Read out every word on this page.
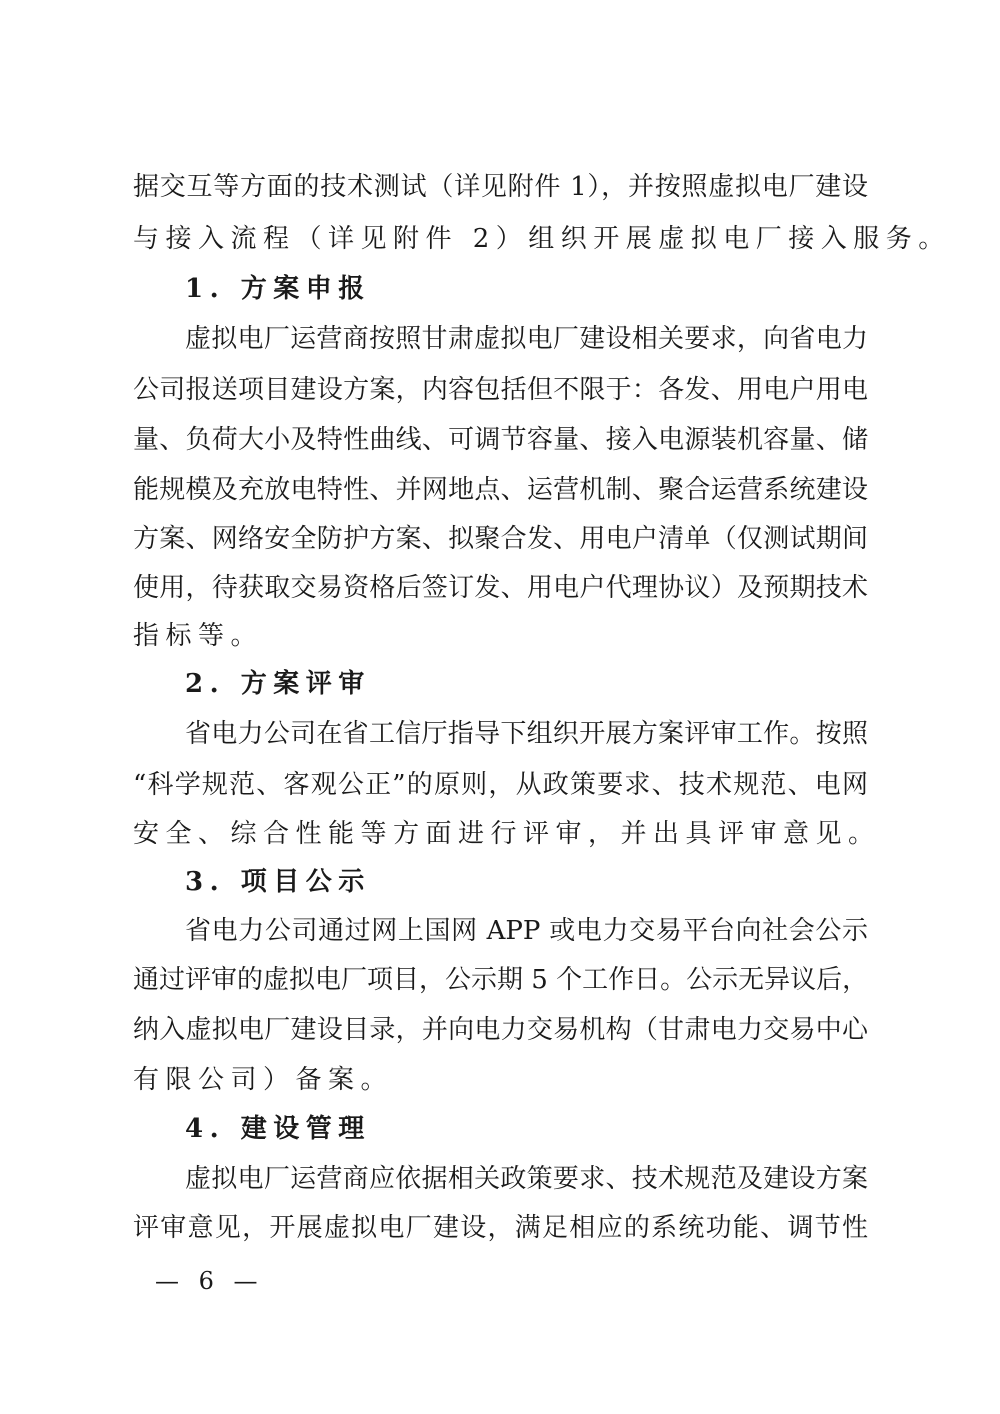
据交互等方面的技术测试（详见附件 1），并按照虚拟电厂建设
与接入流程（详见附件 2）组织开展虚拟电厂接入服务。
1. 方案申报
虚拟电厂运营商按照甘肃虚拟电厂建设相关要求，向省电力
公司报送项目建设方案，内容包括但不限于：各发、用电户用电
量、负荷大小及特性曲线、可调节容量、接入电源装机容量、储
能规模及充放电特性、并网地点、运营机制、聚合运营系统建设
方案、网络安全防护方案、拟聚合发、用电户清单（仅测试期间
使用，待获取交易资格后签订发、用电户代理协议）及预期技术
指标等。
2. 方案评审
省电力公司在省工信厅指导下组织开展方案评审工作。按照
“科学规范、客观公正”的原则，从政策要求、技术规范、电网
安全、综合性能等方面进行评审，并出具评审意见。
3. 项目公示
省电力公司通过网上国网 APP 或电力交易平台向社会公示
通过评审的虚拟电厂项目，公示期 5 个工作日。公示无异议后，
纳入虚拟电厂建设目录，并向电力交易机构（甘肃电力交易中心
有限公司）备案。
4. 建设管理
虚拟电厂运营商应依据相关政策要求、技术规范及建设方案
评审意见，开展虚拟电厂建设，满足相应的系统功能、调节性
— 6 —
